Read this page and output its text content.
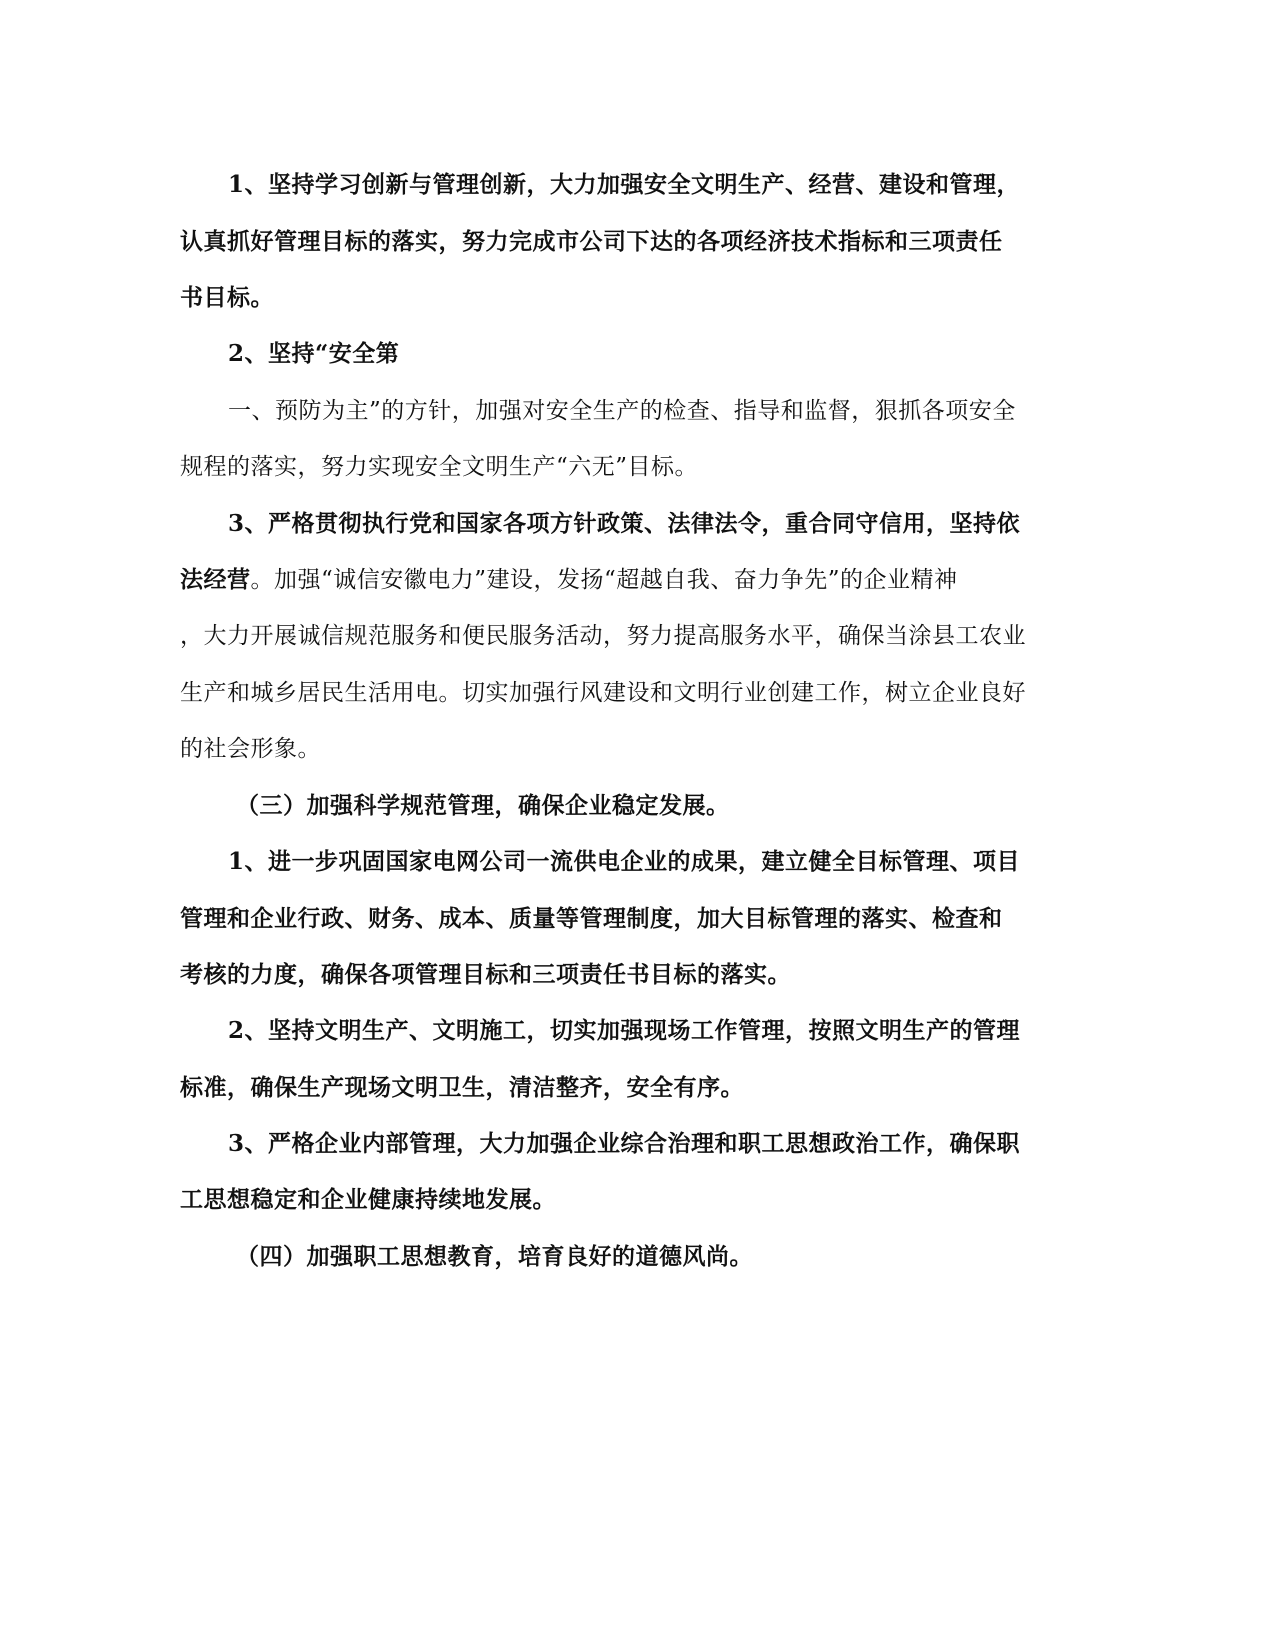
1、坚持学习创新与管理创新，大力加强安全文明生产、经营、建设和管理，
认真抓好管理目标的落实，努力完成市公司下达的各项经济技术指标和三项责任
书目标。
2、坚持“安全第
一、预防为主”的方针，加强对安全生产的检查、指导和监督，狠抓各项安全
规程的落实，努力实现安全文明生产“六无”目标。
3、严格贯彻执行党和国家各项方针政策、法律法令，重合同守信用，坚持依
法经营。加强“诚信安徽电力”建设，发扬“超越自我、奋力争先”的企业精神
，大力开展诚信规范服务和便民服务活动，努力提高服务水平，确保当涂县工农业
生产和城乡居民生活用电。切实加强行风建设和文明行业创建工作，树立企业良好
的社会形象。
（三）加强科学规范管理，确保企业稳定发展。
1、进一步巩固国家电网公司一流供电企业的成果，建立健全目标管理、项目
管理和企业行政、财务、成本、质量等管理制度，加大目标管理的落实、检查和
考核的力度，确保各项管理目标和三项责任书目标的落实。
2、坚持文明生产、文明施工，切实加强现场工作管理，按照文明生产的管理
标准，确保生产现场文明卫生，清洁整齐，安全有序。
3、严格企业内部管理，大力加强企业综合治理和职工思想政治工作，确保职
工思想稳定和企业健康持续地发展。
（四）加强职工思想教育，培育良好的道德风尚。
